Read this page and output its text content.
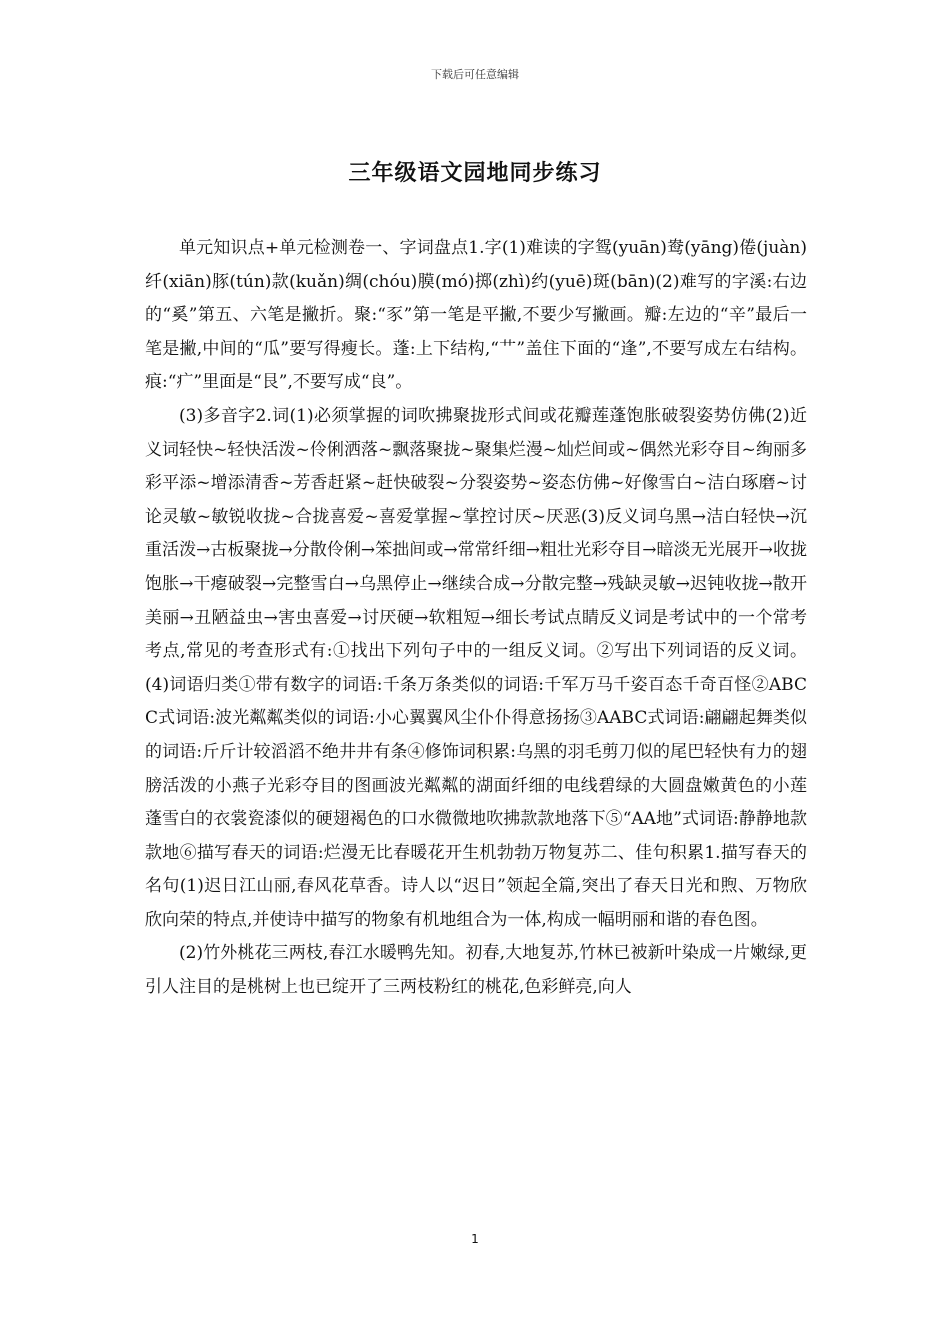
下载后可任意编辑
三年级语文园地同步练习

单元知识点+单元检测卷一、字词盘点1.字(1)难读的字鸳(yuān)鸯(yāng)倦(juàn)纤(xiān)豚(tún)款(kuǎn)绸(chóu)膜(mó)掷(zhì)约(yuē)斑(bān)(2)难写的字溪:右边的“奚”第五、六笔是撇折。聚:“豕”第一笔是平撇,不要少写撇画。瓣:左边的“辛”最后一笔是撇,中间的“瓜”要写得瘦长。蓬:上下结构,“艹”盖住下面的“逢”,不要写成左右结构。痕:“疒”里面是“艮”,不要写成“良”。

(3)多音字2.词(1)必须掌握的词吹拂聚拢形式间或花瓣莲蓬饱胀破裂姿势仿佛(2)近义词轻快~轻快活泼~伶俐洒落~飘落聚拢~聚集烂漫~灿烂间或~偶然光彩夺目~绚丽多彩平添~增添清香~芳香赶紧~赶快破裂~分裂姿势~姿态仿佛~好像雪白~洁白琢磨~讨论灵敏~敏锐收拢~合拢喜爱~喜爱掌握~掌控讨厌~厌恶(3)反义词乌黑→洁白轻快→沉重活泼→古板聚拢→分散伶俐→笨拙间或→常常纤细→粗壮光彩夺目→暗淡无光展开→收拢饱胀→干瘪破裂→完整雪白→乌黑停止→继续合成→分散完整→残缺灵敏→迟钝收拢→散开美丽→丑陋益虫→害虫喜爱→讨厌硬→软粗短→细长考试点睛反义词是考试中的一个常考考点,常见的考查形式有:①找出下列句子中的一组反义词。②写出下列词语的反义词。(4)词语归类①带有数字的词语:千条万条类似的词语:千军万马千姿百态千奇百怪②ABCC式词语:波光粼粼类似的词语:小心翼翼风尘仆仆得意扬扬③AABC式词语:翩翩起舞类似的词语:斤斤计较滔滔不绝井井有条④修饰词积累:乌黑的羽毛剪刀似的尾巴轻快有力的翅膀活泼的小燕子光彩夺目的图画波光粼粼的湖面纤细的电线碧绿的大圆盘嫩黄色的小莲蓬雪白的衣裳瓷漆似的硬翅褐色的口水微微地吹拂款款地落下⑤“AA地”式词语:静静地款款地⑥描写春天的词语:烂漫无比春暖花开生机勃勃万物复苏二、佳句积累1.描写春天的名句(1)迟日江山丽,春风花草香。诗人以“迟日”领起全篇,突出了春天日光和煦、万物欣欣向荣的特点,并使诗中描写的物象有机地组合为一体,构成一幅明丽和谐的春色图。

(2)竹外桃花三两枝,春江水暖鸭先知。初春,大地复苏,竹林已被新叶染成一片嫩绿,更引人注目的是桃树上也已绽开了三两枝粉红的桃花,色彩鲜亮,向人

1
